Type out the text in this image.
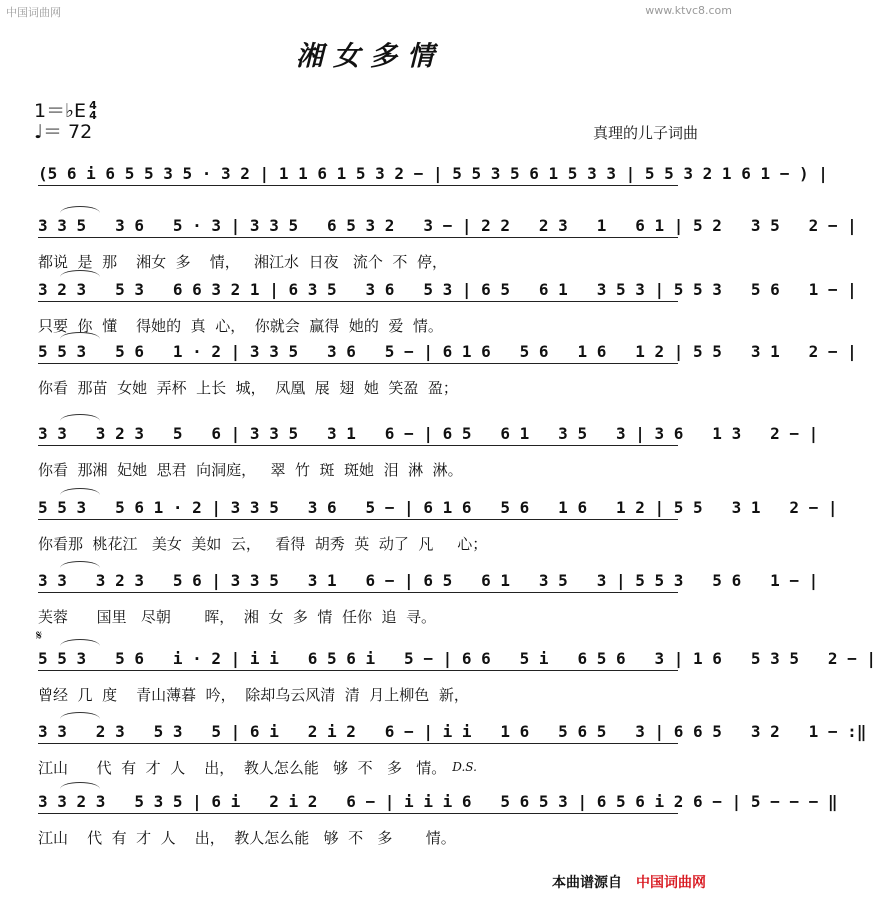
中国词曲网	www.ktvc8.com
湘女多情
1＝♭E 4
4
♩＝ 72	真理的儿子词曲
(5 6 i 6 5 5 3 5 · 3 2 | 1 1 6 1 5 3 2 − | 5 5 3 5 6 1 5 3 3 | 5 5 3 2 1 6 1 − ) |
3 3 5   3 6   5 · 3 | 3 3 5   6 5 3 2   3 − | 2 2   2 3   1   6 1 | 5 2   3 5   2 − |
都说  是  那    湘女  多    情，   湘江水  日夜   流个  不  停，
3 2 3   5 3   6 6 3 2 1 | 6 3 5   3 6   5 3 | 6 5   6 1   3 5 3 | 5 5 3   5 6   1 − |
只要  你  懂    得她的  真  心，  你就会  赢得  她的  爱  情。
5 5 3   5 6   1 · 2 | 3 3 5   3 6   5 − | 6 1 6   5 6   1 6   1 2 | 5 5   3 1   2 − |
你看  那苗  女她  弄杯  上长  城，  凤凰  展  翅  她  笑盈  盈；
3 3   3 2 3   5   6 | 3 3 5   3 1   6 − | 6 5   6 1   3 5   3 | 3 6   1 3   2 − |
你看  那湘  妃她  思君  向洞庭，   翠  竹  斑  斑她  泪  淋  淋。
5 5 3   5 6 1 · 2 | 3 3 5   3 6   5 − | 6 1 6   5 6   1 6   1 2 | 5 5   3 1   2 − |
你看那  桃花江   美女  美如  云，   看得  胡秀  英  动了  凡     心；
3 3   3 2 3   5 6 | 3 3 5   3 1   6 − | 6 5   6 1   3 5   3 | 5 5 3   5 6   1 − |
芙蓉      国里   尽朝       晖，  湘  女  多  情  任你  追  寻。
5 5 3   5 6   i · 2 | i i   6 5 6 i   5 − | 6 6   5 i   6 5 6   3 | 1 6   5 3 5   2 − |
曾经  几  度    青山薄暮  吟，  除却乌云风清  清  月上柳色  新，
3 3   2 3   5 3   5 | 6 i   2 i 2   6 − | i i   1 6   5 6 5   3 | 6 6 5   3 2   1 − :‖
江山      代  有  才  人    出，  教人怎么能   够  不   多   情。 D.S.
3 3 2 3   5 3 5 | 6 i   2 i 2   6 − | i i i 6   5 6 5 3 | 6 5 6 i 2 6 − | 5 − − − ‖
江山    代  有  才  人    出，  教人怎么能   够  不   多       情。
𝄋
本曲谱源自 中国词曲网
